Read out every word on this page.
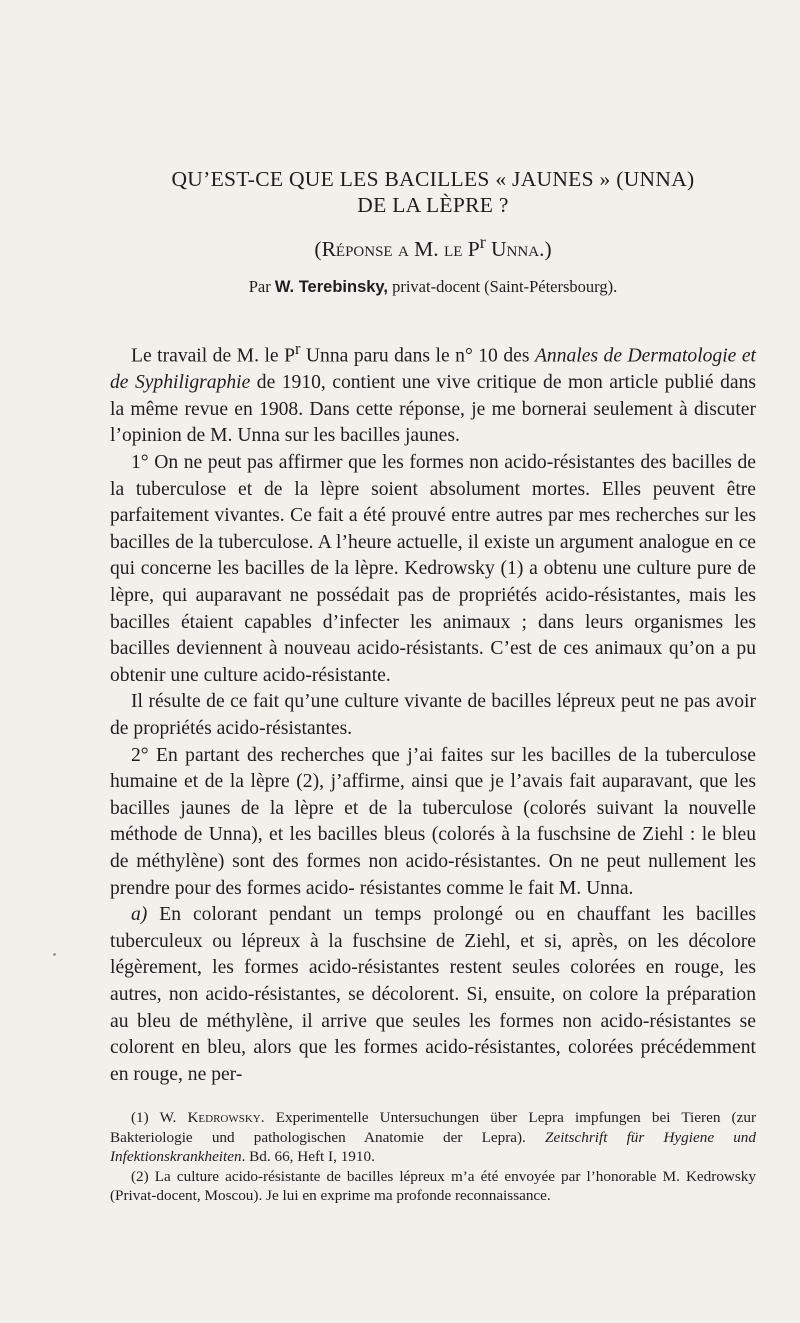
QU’EST-CE QUE LES BACILLES « JAUNES » (UNNA)
DE LA LÈPRE ?

(Réponse a M. le $P^r$ Unna.)

Par W. Terebinsky, privat-docent (Saint-Pétersbourg).

Le travail de M. le $P^r$ Unna paru dans le n° 10 des Annales de Dermatologie et de Syphiligraphie de 1910, contient une vive critique de mon article publié dans la même revue en 1908. Dans cette réponse, je me bornerai seulement à discuter l’opinion de M. Unna sur les bacilles jaunes.

1° On ne peut pas affirmer que les formes non acido-résistantes des bacilles de la tuberculose et de la lèpre soient absolument mortes. Elles peuvent être parfaitement vivantes. Ce fait a été prouvé entre autres par mes recherches sur les bacilles de la tuberculose. A l’heure actuelle, il existe un argument analogue en ce qui concerne les bacilles de la lèpre. Kedrowsky (1) a obtenu une culture pure de lèpre, qui auparavant ne possédait pas de propriétés acido-résistantes, mais les bacilles étaient capables d’infecter les animaux ; dans leurs organismes les bacilles deviennent à nouveau acido-résistants. C’est de ces animaux qu’on a pu obtenir une culture acido-résistante.

Il résulte de ce fait qu’une culture vivante de bacilles lépreux peut ne pas avoir de propriétés acido-résistantes.

2° En partant des recherches que j’ai faites sur les bacilles de la tuberculose humaine et de la lèpre (2), j’affirme, ainsi que je l’avais fait auparavant, que les bacilles jaunes de la lèpre et de la tuberculose (colorés suivant la nouvelle méthode de Unna), et les bacilles bleus (colorés à la fuschsine de Ziehl : le bleu de méthylène) sont des formes non acido-résistantes. On ne peut nullement les prendre pour des formes acido- résistantes comme le fait M. Unna.

a) En colorant pendant un temps prolongé ou en chauffant les bacilles tuberculeux ou lépreux à la fuschsine de Ziehl, et si, après, on les décolore légèrement, les formes acido-résistantes restent seules colorées en rouge, les autres, non acido-résistantes, se décolorent. Si, ensuite, on colore la préparation au bleu de méthylène, il arrive que seules les formes non acido-résistantes se colorent en bleu, alors que les formes acido-résistantes, colorées précédemment en rouge, ne per-

(1) W. Kedrowsky. Experimentelle Untersuchungen über Lepra impfungen bei Tieren (zur Bakteriologie und pathologischen Anatomie der Lepra). Zeitschrift für Hygiene und Infektionskrankheiten. Bd. 66, Heft I, 1910.

(2) La culture acido-résistante de bacilles lépreux m’a été envoyée par l’honorable M. Kedrowsky (Privat-docent, Moscou). Je lui en exprime ma profonde reconnaissance.
